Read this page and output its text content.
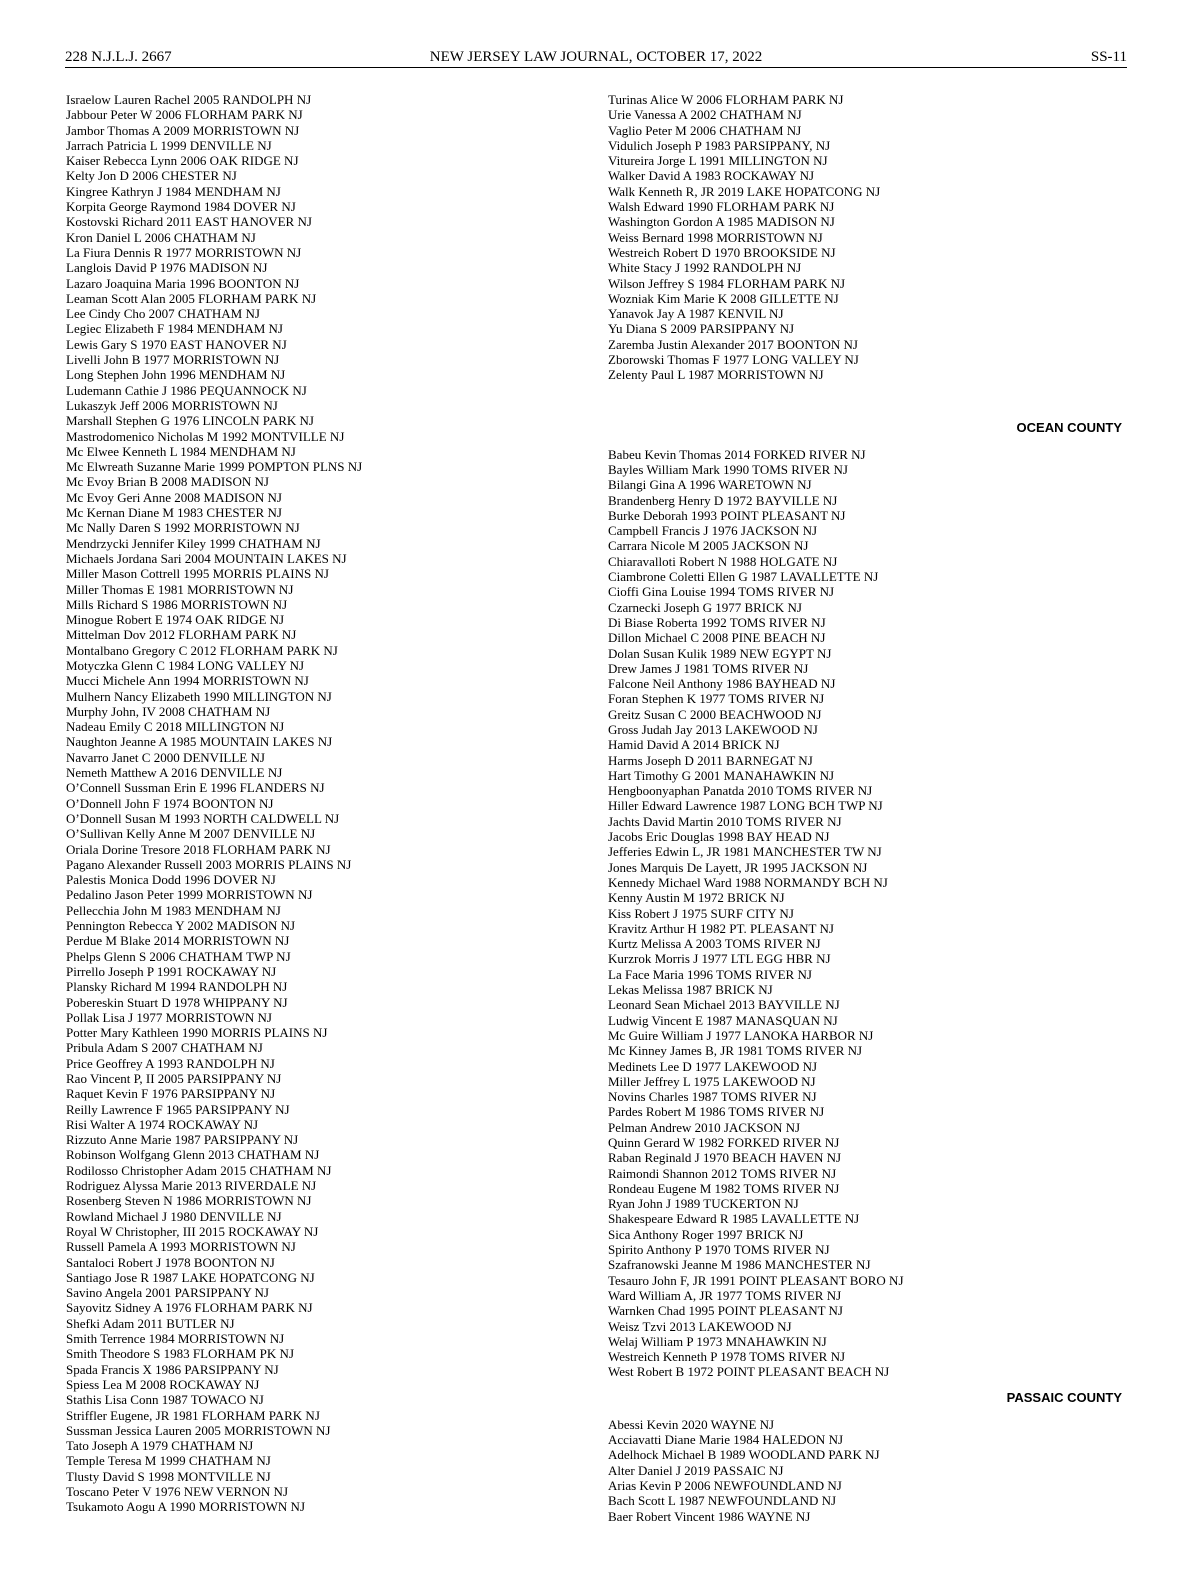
NEW JERSEY LAW JOURNAL, OCTOBER 17, 2022
228 N.J.L.J. 2667	SS-11
Israelow Lauren Rachel 2005 RANDOLPH NJ
Jabbour Peter W 2006 FLORHAM PARK NJ
Jambor Thomas A 2009 MORRISTOWN NJ
Jarrach Patricia L 1999 DENVILLE NJ
Kaiser Rebecca Lynn 2006 OAK RIDGE NJ
Kelty Jon D 2006 CHESTER NJ
Kingree Kathryn J 1984 MENDHAM NJ
Korpita George Raymond 1984 DOVER NJ
Kostovski Richard 2011 EAST HANOVER NJ
Kron Daniel L 2006 CHATHAM NJ
La Fiura Dennis R 1977 MORRISTOWN NJ
Langlois David P 1976 MADISON NJ
Lazaro Joaquina Maria 1996 BOONTON NJ
Leaman Scott Alan 2005 FLORHAM PARK NJ
Lee Cindy Cho 2007 CHATHAM NJ
Legiec Elizabeth F 1984 MENDHAM NJ
Lewis Gary S 1970 EAST HANOVER NJ
Livelli John B 1977 MORRISTOWN NJ
Long Stephen John 1996 MENDHAM NJ
Ludemann Cathie J 1986 PEQUANNOCK NJ
Lukaszyk Jeff 2006 MORRISTOWN NJ
Marshall Stephen G 1976 LINCOLN PARK NJ
Mastrodomenico Nicholas M 1992 MONTVILLE NJ
Mc Elwee Kenneth L 1984 MENDHAM NJ
Mc Elwreath Suzanne Marie 1999 POMPTON PLNS NJ
Mc Evoy Brian B 2008 MADISON NJ
Mc Evoy Geri Anne 2008 MADISON NJ
Mc Kernan Diane M 1983 CHESTER NJ
Mc Nally Daren S 1992 MORRISTOWN NJ
Mendrzycki Jennifer Kiley 1999 CHATHAM NJ
Michaels Jordana Sari 2004 MOUNTAIN LAKES NJ
Miller Mason Cottrell 1995 MORRIS PLAINS NJ
Miller Thomas E 1981 MORRISTOWN NJ
Mills Richard S 1986 MORRISTOWN NJ
Minogue Robert E 1974 OAK RIDGE NJ
Mittelman Dov 2012 FLORHAM PARK NJ
Montalbano Gregory C 2012 FLORHAM PARK NJ
Motyczka Glenn C 1984 LONG VALLEY NJ
Mucci Michele Ann 1994 MORRISTOWN NJ
Mulhern Nancy Elizabeth 1990 MILLINGTON NJ
Murphy John, IV 2008 CHATHAM NJ
Nadeau Emily C 2018 MILLINGTON NJ
Naughton Jeanne A 1985 MOUNTAIN LAKES NJ
Navarro Janet C 2000 DENVILLE NJ
Nemeth Matthew A 2016 DENVILLE NJ
O’Connell Sussman Erin E 1996 FLANDERS NJ
O’Donnell John F 1974 BOONTON NJ
O’Donnell Susan M 1993 NORTH CALDWELL NJ
O’Sullivan Kelly Anne M 2007 DENVILLE NJ
Oriala Dorine Tresore 2018 FLORHAM PARK NJ
Pagano Alexander Russell 2003 MORRIS PLAINS NJ
Palestis Monica Dodd 1996 DOVER NJ
Pedalino Jason Peter 1999 MORRISTOWN NJ
Pellecchia John M 1983 MENDHAM NJ
Pennington Rebecca Y 2002 MADISON NJ
Perdue M Blake 2014 MORRISTOWN NJ
Phelps Glenn S 2006 CHATHAM TWP NJ
Pirrello Joseph P 1991 ROCKAWAY NJ
Plansky Richard M 1994 RANDOLPH NJ
Pobereskin Stuart D 1978 WHIPPANY NJ
Pollak Lisa J 1977 MORRISTOWN NJ
Potter Mary Kathleen 1990 MORRIS PLAINS NJ
Pribula Adam S 2007 CHATHAM NJ
Price Geoffrey A 1993 RANDOLPH NJ
Rao Vincent P, II 2005 PARSIPPANY NJ
Raquet Kevin F 1976 PARSIPPANY NJ
Reilly Lawrence F 1965 PARSIPPANY NJ
Risi Walter A 1974 ROCKAWAY NJ
Rizzuto Anne Marie 1987 PARSIPPANY NJ
Robinson Wolfgang Glenn 2013 CHATHAM NJ
Rodilosso Christopher Adam 2015 CHATHAM NJ
Rodriguez Alyssa Marie 2013 RIVERDALE NJ
Rosenberg Steven N 1986 MORRISTOWN NJ
Rowland Michael J 1980 DENVILLE NJ
Royal W Christopher, III 2015 ROCKAWAY NJ
Russell Pamela A 1993 MORRISTOWN NJ
Santaloci Robert J 1978 BOONTON NJ
Santiago Jose R 1987 LAKE HOPATCONG NJ
Savino Angela 2001 PARSIPPANY NJ
Sayovitz Sidney A 1976 FLORHAM PARK NJ
Shefki Adam 2011 BUTLER NJ
Smith Terrence 1984 MORRISTOWN NJ
Smith Theodore S 1983 FLORHAM PK NJ
Spada Francis X 1986 PARSIPPANY NJ
Spiess Lea M 2008 ROCKAWAY NJ
Stathis Lisa Conn 1987 TOWACO NJ
Striffler Eugene, JR 1981 FLORHAM PARK NJ
Sussman Jessica Lauren 2005 MORRISTOWN NJ
Tato Joseph A 1979 CHATHAM NJ
Temple Teresa M 1999 CHATHAM NJ
Tlusty David S 1998 MONTVILLE NJ
Toscano Peter V 1976 NEW VERNON NJ
Tsukamoto Aogu A 1990 MORRISTOWN NJ
Turinas Alice W 2006 FLORHAM PARK NJ
Urie Vanessa A 2002 CHATHAM NJ
Vaglio Peter M 2006 CHATHAM NJ
Vidulich Joseph P 1983 PARSIPPANY, NJ
Vitureira Jorge L 1991 MILLINGTON NJ
Walker David A 1983 ROCKAWAY NJ
Walk Kenneth R, JR 2019 LAKE HOPATCONG NJ
Walsh Edward 1990 FLORHAM PARK NJ
Washington Gordon A 1985 MADISON NJ
Weiss Bernard 1998 MORRISTOWN NJ
Westreich Robert D 1970 BROOKSIDE NJ
White Stacy J 1992 RANDOLPH NJ
Wilson Jeffrey S 1984 FLORHAM PARK NJ
Wozniak Kim Marie K 2008 GILLETTE NJ
Yanavok Jay A 1987 KENVIL NJ
Yu Diana S 2009 PARSIPPANY NJ
Zaremba Justin Alexander 2017 BOONTON NJ
Zborowski Thomas F 1977 LONG VALLEY NJ
Zelenty Paul L 1987 MORRISTOWN NJ
OCEAN COUNTY
Babeu Kevin Thomas 2014 FORKED RIVER NJ
Bayles William Mark 1990 TOMS RIVER NJ
Bilangi Gina A 1996 WARETOWN NJ
Brandenberg Henry D 1972 BAYVILLE NJ
Burke Deborah 1993 POINT PLEASANT NJ
Campbell Francis J 1976 JACKSON NJ
Carrara Nicole M 2005 JACKSON NJ
Chiaravalloti Robert N 1988 HOLGATE NJ
Ciambrone Coletti Ellen G 1987 LAVALLETTE NJ
Cioffi Gina Louise 1994 TOMS RIVER NJ
Czarnecki Joseph G 1977 BRICK NJ
Di Biase Roberta 1992 TOMS RIVER NJ
Dillon Michael C 2008 PINE BEACH NJ
Dolan Susan Kulik 1989 NEW EGYPT NJ
Drew James J 1981 TOMS RIVER NJ
Falcone Neil Anthony 1986 BAYHEAD NJ
Foran Stephen K 1977 TOMS RIVER NJ
Greitz Susan C 2000 BEACHWOOD NJ
Gross Judah Jay 2013 LAKEWOOD NJ
Hamid David A 2014 BRICK NJ
Harms Joseph D 2011 BARNEGAT NJ
Hart Timothy G 2001 MANAHAWKIN NJ
Hengboonyaphan Panatda 2010 TOMS RIVER NJ
Hiller Edward Lawrence 1987 LONG BCH TWP NJ
Jachts David Martin 2010 TOMS RIVER NJ
Jacobs Eric Douglas 1998 BAY HEAD NJ
Jefferies Edwin L, JR 1981 MANCHESTER TW NJ
Jones Marquis De Layett, JR 1995 JACKSON NJ
Kennedy Michael Ward 1988 NORMANDY BCH NJ
Kenny Austin M 1972 BRICK NJ
Kiss Robert J 1975 SURF CITY NJ
Kravitz Arthur H 1982 PT. PLEASANT NJ
Kurtz Melissa A 2003 TOMS RIVER NJ
Kurzrok Morris J 1977 LTL EGG HBR NJ
La Face Maria 1996 TOMS RIVER NJ
Lekas Melissa 1987 BRICK NJ
Leonard Sean Michael 2013 BAYVILLE NJ
Ludwig Vincent E 1987 MANASQUAN NJ
Mc Guire William J 1977 LANOKA HARBOR NJ
Mc Kinney James B, JR 1981 TOMS RIVER NJ
Medinets Lee D 1977 LAKEWOOD NJ
Miller Jeffrey L 1975 LAKEWOOD NJ
Novins Charles 1987 TOMS RIVER NJ
Pardes Robert M 1986 TOMS RIVER NJ
Pelman Andrew 2010 JACKSON NJ
Quinn Gerard W 1982 FORKED RIVER NJ
Raban Reginald J 1970 BEACH HAVEN NJ
Raimondi Shannon 2012 TOMS RIVER NJ
Rondeau Eugene M 1982 TOMS RIVER NJ
Ryan John J 1989 TUCKERTON NJ
Shakespeare Edward R 1985 LAVALLETTE NJ
Sica Anthony Roger 1997 BRICK NJ
Spirito Anthony P 1970 TOMS RIVER NJ
Szafranowski Jeanne M 1986 MANCHESTER NJ
Tesauro John F, JR 1991 POINT PLEASANT BORO NJ
Ward William A, JR 1977 TOMS RIVER NJ
Warnken Chad 1995 POINT PLEASANT NJ
Weisz Tzvi 2013 LAKEWOOD NJ
Welaj William P 1973 MNAHAWKIN NJ
Westreich Kenneth P 1978 TOMS RIVER NJ
West Robert B 1972 POINT PLEASANT BEACH NJ
PASSAIC COUNTY
Abessi Kevin 2020 WAYNE NJ
Acciavatti Diane Marie 1984 HALEDON NJ
Adelhock Michael B 1989 WOODLAND PARK NJ
Alter Daniel J 2019 PASSAIC NJ
Arias Kevin P 2006 NEWFOUNDLAND NJ
Bach Scott L 1987 NEWFOUNDLAND NJ
Baer Robert Vincent 1986 WAYNE NJ
